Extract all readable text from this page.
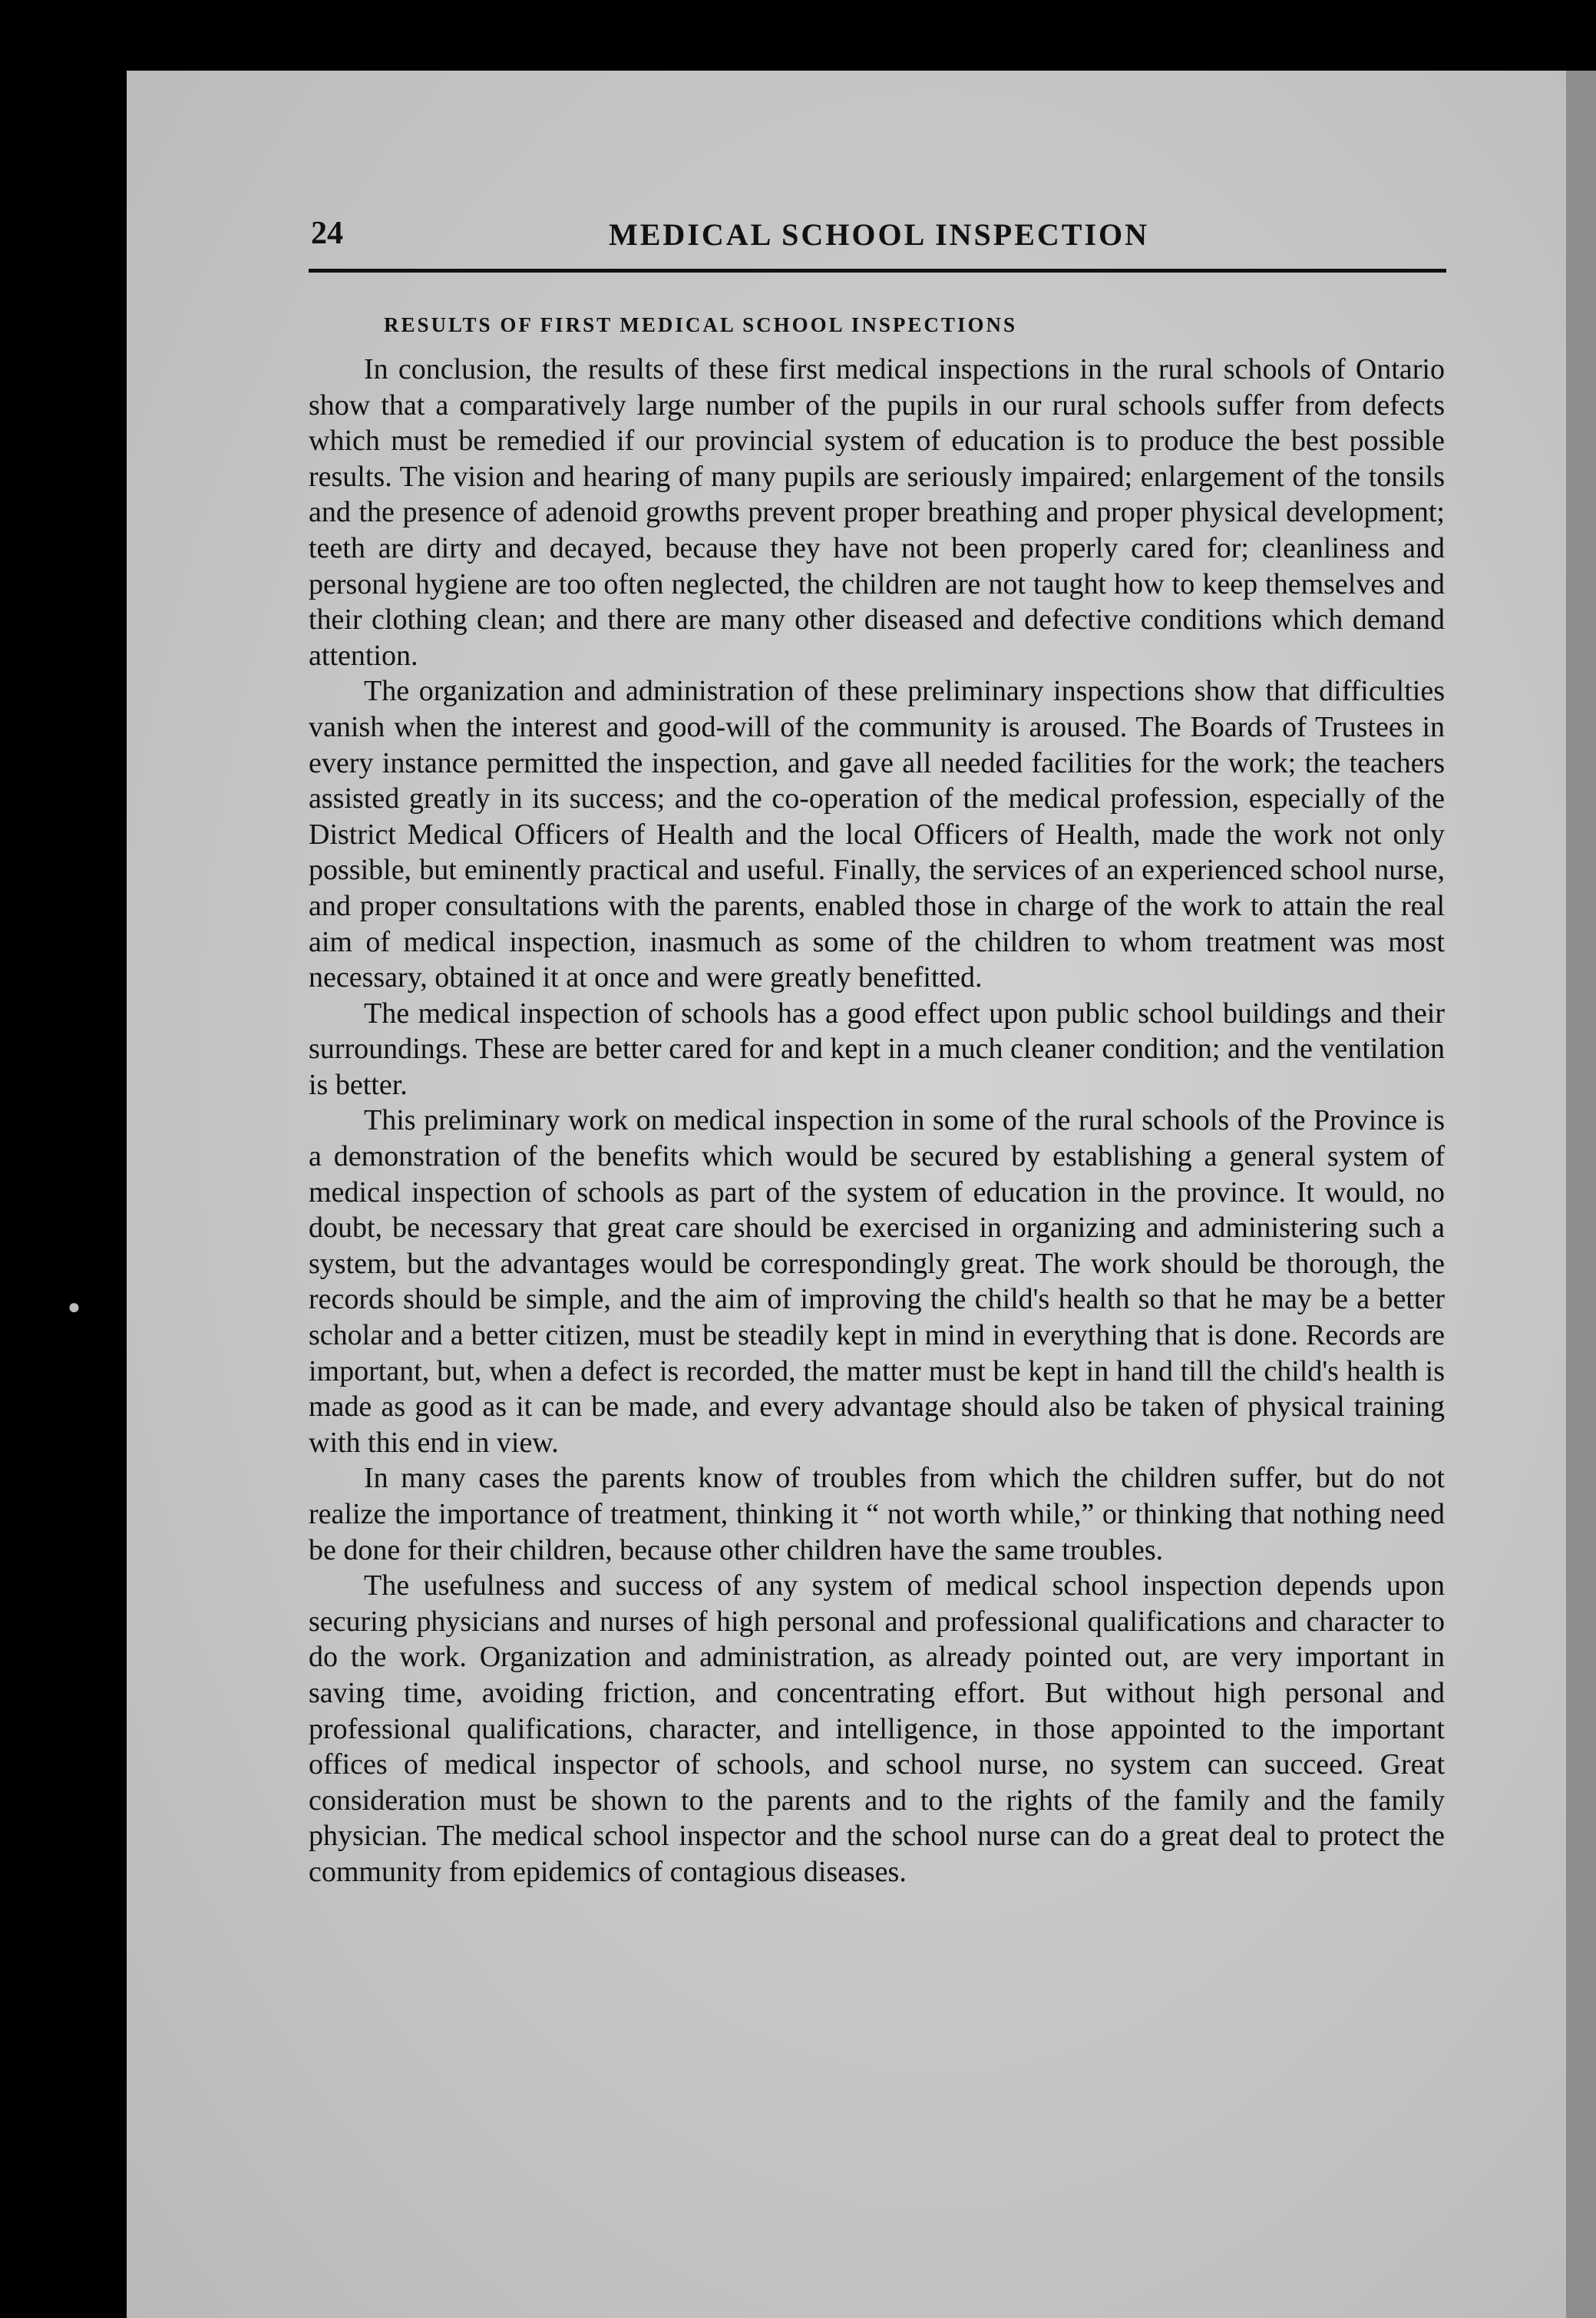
●
24	MEDICAL SCHOOL INSPECTION
RESULTS OF FIRST MEDICAL SCHOOL INSPECTIONS

In conclusion, the results of these first medical inspections in the rural schools of Ontario show that a comparatively large number of the pupils in our rural schools suffer from defects which must be remedied if our provincial system of education is to produce the best possible results. The vision and hearing of many pupils are seriously impaired; enlargement of the tonsils and the presence of adenoid growths prevent proper breathing and proper physical development; teeth are dirty and decayed, because they have not been properly cared for; cleanliness and personal hygiene are too often neglected, the children are not taught how to keep themselves and their clothing clean; and there are many other diseased and defective conditions which demand attention.

The organization and administration of these preliminary inspections show that difficulties vanish when the interest and good-will of the community is aroused. The Boards of Trustees in every instance permitted the inspection, and gave all needed facilities for the work; the teachers assisted greatly in its success; and the co-operation of the medical profession, especially of the District Medical Officers of Health and the local Officers of Health, made the work not only possible, but eminently practical and useful. Finally, the services of an experienced school nurse, and proper consultations with the parents, enabled those in charge of the work to attain the real aim of medical inspection, inasmuch as some of the children to whom treatment was most necessary, obtained it at once and were greatly benefitted.

The medical inspection of schools has a good effect upon public school buildings and their surroundings. These are better cared for and kept in a much cleaner condition; and the ventilation is better.

This preliminary work on medical inspection in some of the rural schools of the Province is a demonstration of the benefits which would be secured by establishing a general system of medical inspection of schools as part of the system of education in the province. It would, no doubt, be necessary that great care should be exercised in organizing and administering such a system, but the advantages would be correspondingly great. The work should be thorough, the records should be simple, and the aim of improving the child's health so that he may be a better scholar and a better citizen, must be steadily kept in mind in everything that is done. Records are important, but, when a defect is recorded, the matter must be kept in hand till the child's health is made as good as it can be made, and every advantage should also be taken of physical training with this end in view.

In many cases the parents know of troubles from which the children suffer, but do not realize the importance of treatment, thinking it “ not worth while,” or thinking that nothing need be done for their children, because other children have the same troubles.

The usefulness and success of any system of medical school inspection depends upon securing physicians and nurses of high personal and professional qualifications and character to do the work. Organization and administration, as already pointed out, are very important in saving time, avoiding friction, and concentrating effort. But without high personal and professional qualifications, character, and intelligence, in those appointed to the important offices of medical inspector of schools, and school nurse, no system can succeed. Great consideration must be shown to the parents and to the rights of the family and the family physician. The medical school inspector and the school nurse can do a great deal to protect the community from epidemics of contagious diseases.
